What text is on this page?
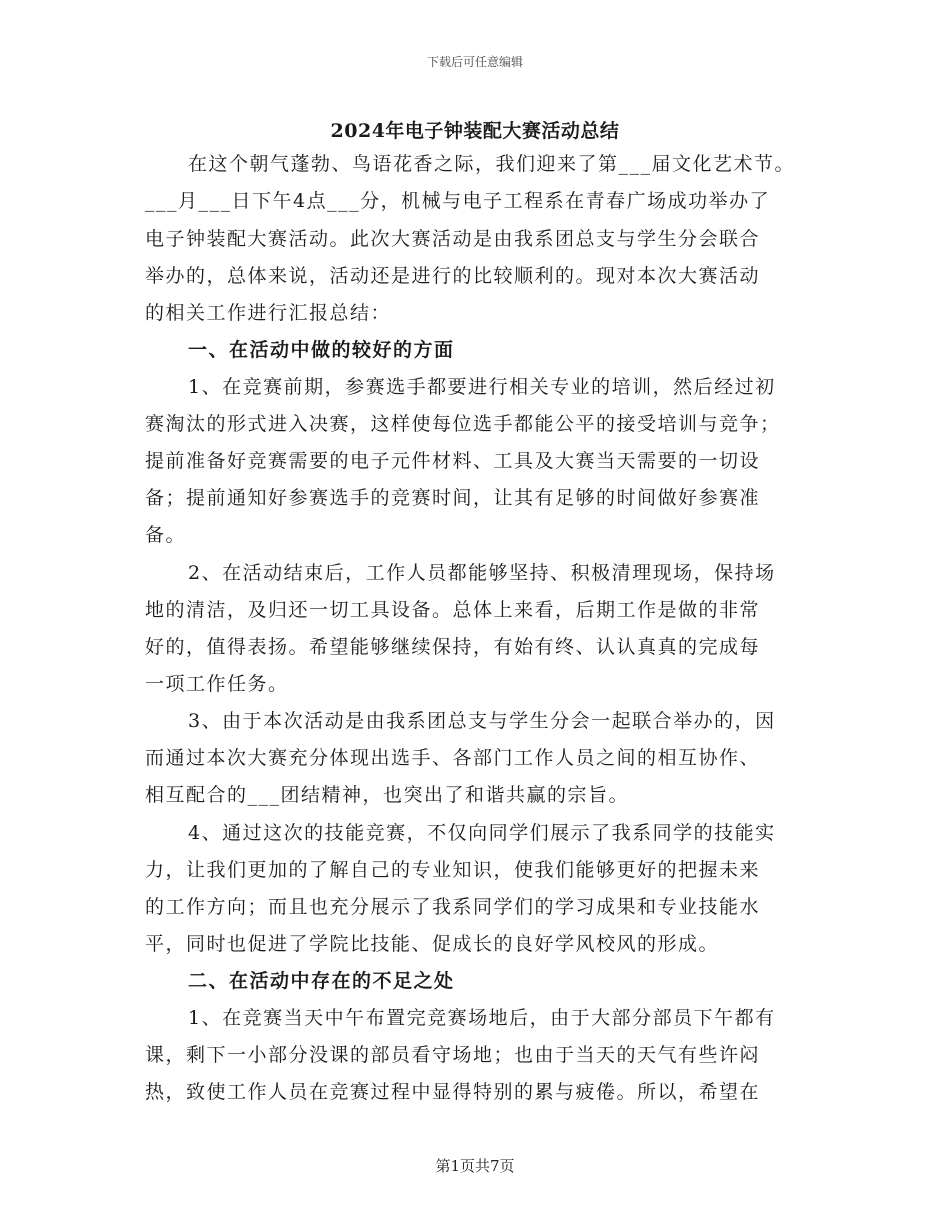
下载后可任意编辑
2024年电子钟装配大赛活动总结
在这个朝气蓬勃、鸟语花香之际，我们迎来了第___届文化艺术节。
___月___日下午4点___分，机械与电子工程系在青春广场成功举办了
电子钟装配大赛活动。此次大赛活动是由我系团总支与学生分会联合
举办的，总体来说，活动还是进行的比较顺利的。现对本次大赛活动
的相关工作进行汇报总结：
一、在活动中做的较好的方面
1、在竞赛前期，参赛选手都要进行相关专业的培训，然后经过初
赛淘汰的形式进入决赛，这样使每位选手都能公平的接受培训与竞争；
提前准备好竞赛需要的电子元件材料、工具及大赛当天需要的一切设
备；提前通知好参赛选手的竞赛时间，让其有足够的时间做好参赛准
备。
2、在活动结束后，工作人员都能够坚持、积极清理现场，保持场
地的清洁，及归还一切工具设备。总体上来看，后期工作是做的非常
好的，值得表扬。希望能够继续保持，有始有终、认认真真的完成每
一项工作任务。
3、由于本次活动是由我系团总支与学生分会一起联合举办的，因
而通过本次大赛充分体现出选手、各部门工作人员之间的相互协作、
相互配合的___团结精神，也突出了和谐共赢的宗旨。
4、通过这次的技能竞赛，不仅向同学们展示了我系同学的技能实
力，让我们更加的了解自己的专业知识，使我们能够更好的把握未来
的工作方向；而且也充分展示了我系同学们的学习成果和专业技能水
平，同时也促进了学院比技能、促成长的良好学风校风的形成。
二、在活动中存在的不足之处
1、在竞赛当天中午布置完竞赛场地后，由于大部分部员下午都有
课，剩下一小部分没课的部员看守场地；也由于当天的天气有些许闷
热，致使工作人员在竞赛过程中显得特别的累与疲倦。所以，希望在
第1页共7页
